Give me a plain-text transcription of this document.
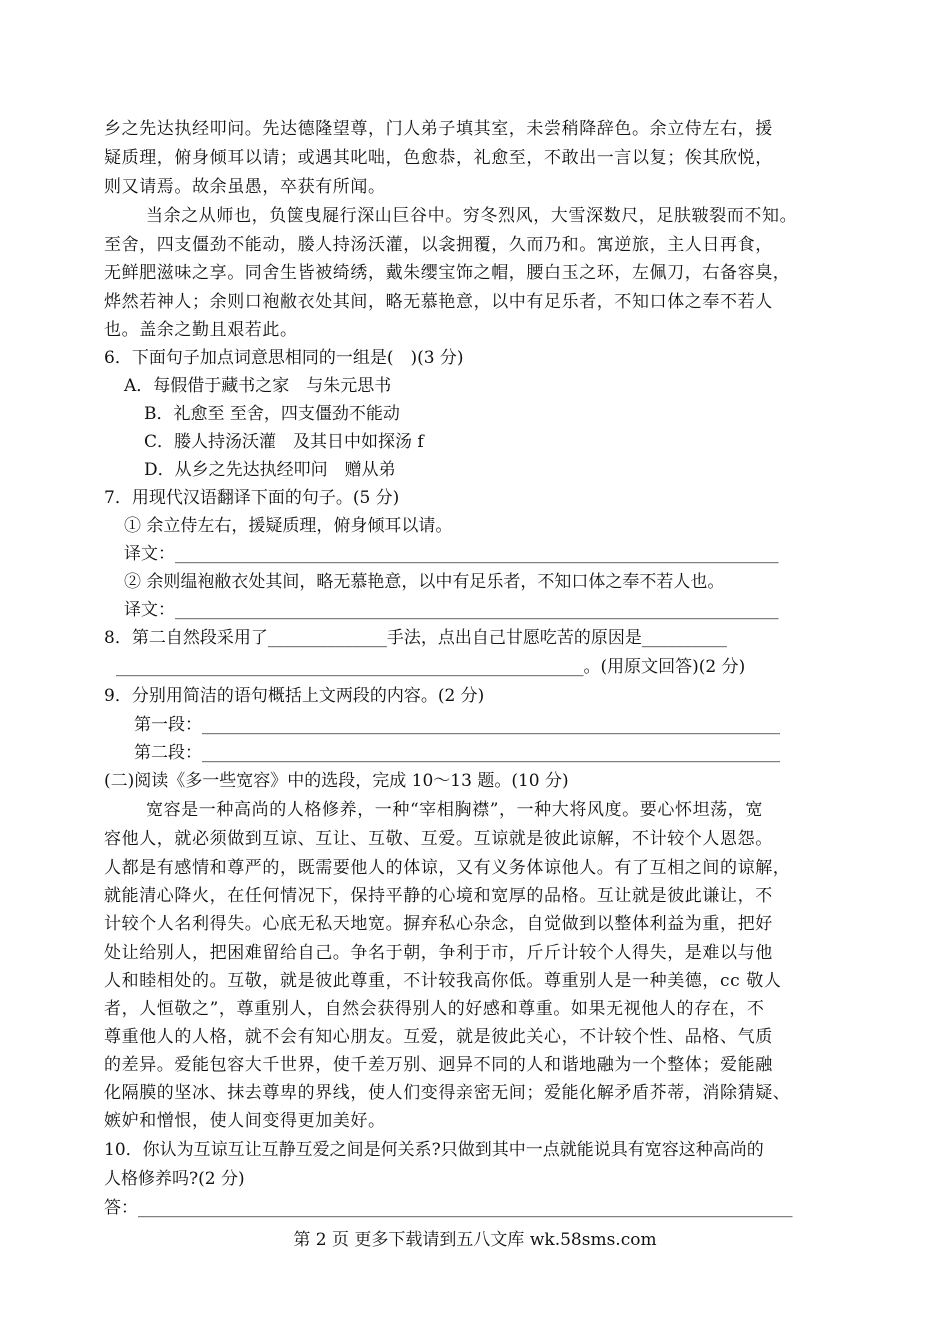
乡之先达执经叩问。先达德隆望尊，门人弟子填其室，未尝稍降辞色。余立侍左右，援
疑质理，俯身倾耳以请；或遇其叱咄，色愈恭，礼愈至，不敢出一言以复；俟其欣悦，
则又请焉。故余虽愚，卒获有所闻。
当余之从师也，负箧曳屣行深山巨谷中。穷冬烈风，大雪深数尺，足肤皲裂而不知。
至舍，四支僵劲不能动，媵人持汤沃灌，以衾拥覆，久而乃和。寓逆旅，主人日再食，
无鲜肥滋味之享。同舍生皆被绮绣，戴朱缨宝饰之帽，腰白玉之环，左佩刀，右备容臭，
烨然若神人；余则口袍敝衣处其间，略无慕艳意，以中有足乐者，不知口体之奉不若人
也。盖余之勤且艰若此。
6．下面句子加点词意思相同的一组是(　)(3 分)
A．每假借于藏书之家　与朱元思书
B．礼愈至 至舍，四支僵劲不能动
C．媵人持汤沃灌　及其日中如探汤 f
D．从乡之先达执经叩问　赠从弟
7．用现代汉语翻译下面的句子。(5 分)
① 余立侍左右，援疑质理，俯身倾耳以请。
译文：_______________________________________________________________________
② 余则缊袍敝衣处其间，略无慕艳意，以中有足乐者，不知口体之奉不若人也。
译文：_______________________________________________________________________
8．第二自然段采用了______________手法，点出自己甘愿吃苦的原因是__________
_______________________________________________________。(用原文回答)(2 分)
9．分别用简洁的语句概括上文两段的内容。(2 分)
第一段：____________________________________________________________________
第二段：____________________________________________________________________
(二)阅读《多一些宽容》中的选段，完成 10～13 题。(10 分)
宽容是一种高尚的人格修养，一种“宰相胸襟”，一种大将风度。要心怀坦荡，宽
容他人，就必须做到互谅、互让、互敬、互爱。互谅就是彼此谅解，不计较个人恩怨。
人都是有感情和尊严的，既需要他人的体谅，又有义务体谅他人。有了互相之间的谅解，
就能清心降火，在任何情况下，保持平静的心境和宽厚的品格。互让就是彼此谦让，不
计较个人名利得失。心底无私天地宽。摒弃私心杂念，自觉做到以整体利益为重，把好
处让给别人，把困难留给自己。争名于朝，争利于市，斤斤计较个人得失，是难以与他
人和睦相处的。互敬，就是彼此尊重，不计较我高你低。尊重别人是一种美德，cc 敬人
者，人恒敬之”，尊重别人，自然会获得别人的好感和尊重。如果无视他人的存在，不
尊重他人的人格，就不会有知心朋友。互爱，就是彼此关心，不计较个性、品格、气质
的差异。爱能包容大千世界，使千差万别、迥异不同的人和谐地融为一个整体；爱能融
化隔膜的坚冰、抹去尊卑的界线，使人们变得亲密无间；爱能化解矛盾芥蒂，消除猜疑、
嫉妒和憎恨，使人间变得更加美好。
10．你认为互谅互让互静互爱之间是何关系?只做到其中一点就能说具有宽容这种高尚的
人格修养吗?(2 分)
答：_____________________________________________________________________________
第 2 页 更多下载请到五八文库 wk.58sms.com
